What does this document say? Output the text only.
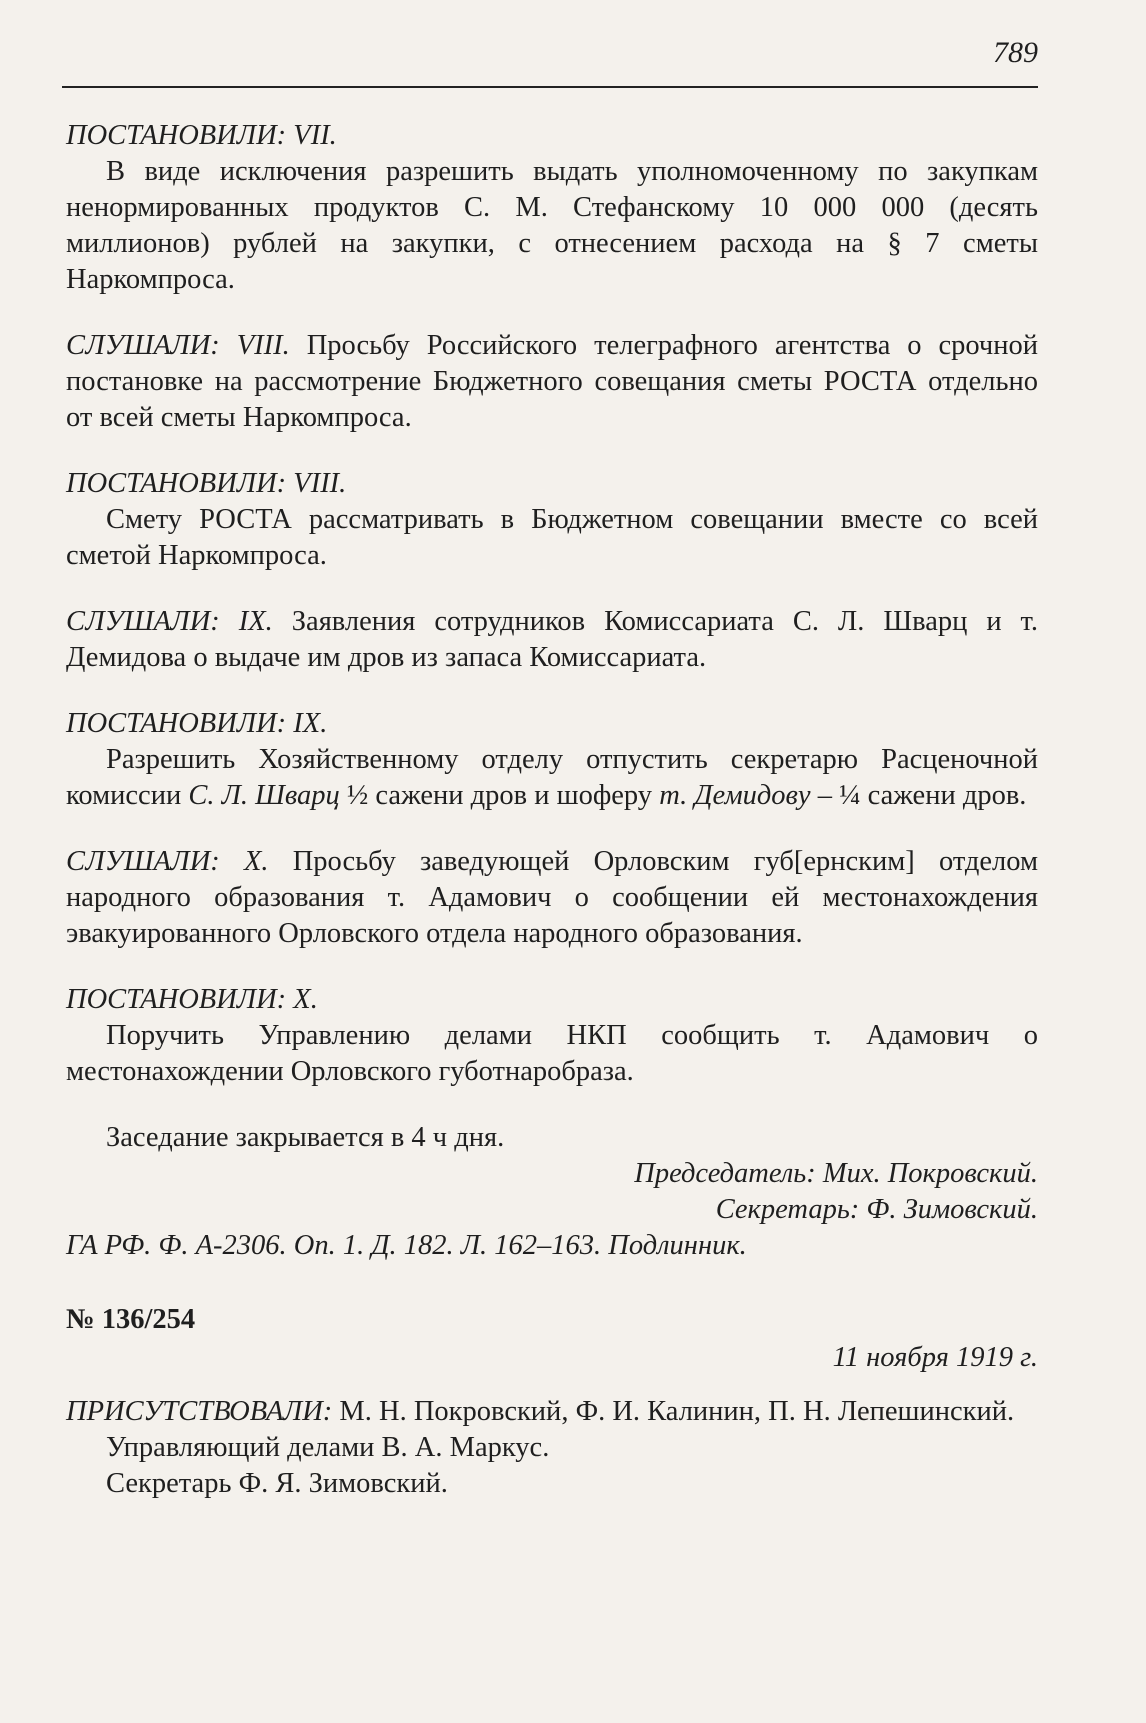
789

ПОСТАНОВИЛИ: VII.

В виде исключения разрешить выдать уполномоченному по закупкам ненормированных продуктов С. М. Стефанскому 10 000 000 (десять миллионов) рублей на закупки, с отнесением расхода на § 7 сметы Наркомпроса.

СЛУШАЛИ: VIII. Просьбу Российского телеграфного агентства о срочной постановке на рассмотрение Бюджетного совещания сметы РОСТА отдельно от всей сметы Наркомпроса.

ПОСТАНОВИЛИ: VIII.

Смету РОСТА рассматривать в Бюджетном совещании вместе со всей сметой Наркомпроса.

СЛУШАЛИ: IX. Заявления сотрудников Комиссариата С. Л. Шварц и т. Демидова о выдаче им дров из запаса Комиссариата.

ПОСТАНОВИЛИ: IX.

Разрешить Хозяйственному отделу отпустить секретарю Расценочной комиссии С. Л. Шварц ½ сажени дров и шоферу т. Демидову – ¼ сажени дров.

СЛУШАЛИ: X. Просьбу заведующей Орловским губ[ернским] отделом народного образования т. Адамович о сообщении ей местонахождения эвакуированного Орловского отдела народного образования.

ПОСТАНОВИЛИ: X.

Поручить Управлению делами НКП сообщить т. Адамович о местонахождении Орловского губотнаробраза.

Заседание закрывается в 4 ч дня.

Председатель: Мих. Покровский.

Секретарь: Ф. Зимовский.

ГА РФ. Ф. А-2306. Оп. 1. Д. 182. Л. 162–163. Подлинник.

№ 136/254
11 ноября 1919 г.

ПРИСУТСТВОВАЛИ: М. Н. Покровский, Ф. И. Калинин, П. Н. Лепешинский.

Управляющий делами В. А. Маркус.

Секретарь Ф. Я. Зимовский.
